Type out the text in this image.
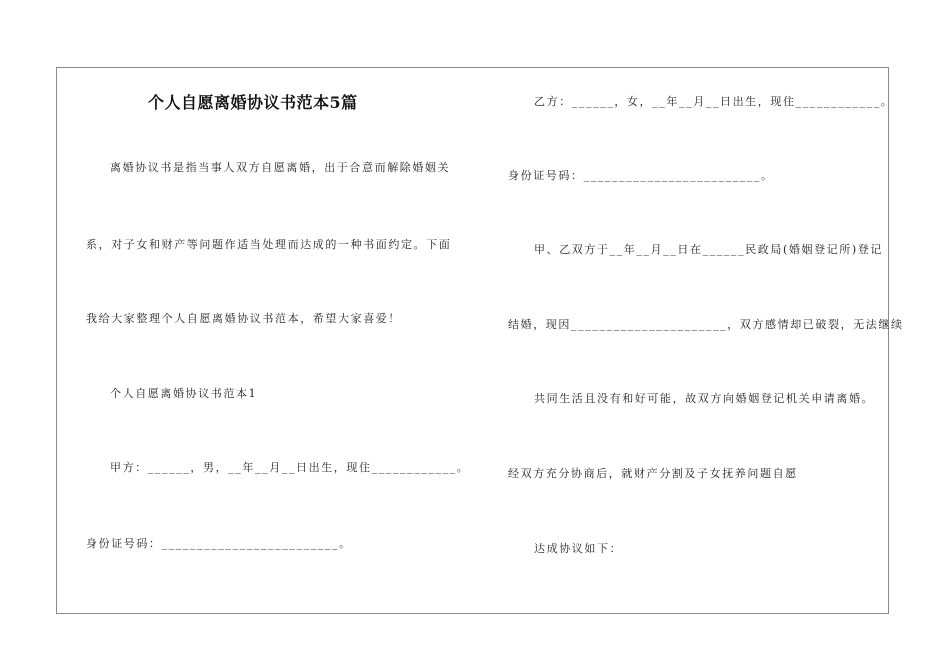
个人自愿离婚协议书范本5篇
离婚协议书是指当事人双方自愿离婚，出于合意而解除婚姻关
系，对子女和财产等问题作适当处理而达成的一种书面约定。下面
我给大家整理个人自愿离婚协议书范本，希望大家喜爱！
个人自愿离婚协议书范本1
甲方：______，男，__年__月__日出生，现住____________。
身份证号码：_________________________。
乙方：______，女，__年__月__日出生，现住____________。
身份证号码：_________________________。
甲、乙双方于__年__月__日在______民政局(婚姻登记所)登记
结婚，现因______________________，双方感情却已破裂，无法继续
共同生活且没有和好可能，故双方向婚姻登记机关申请离婚。
经双方充分协商后，就财产分割及子女抚养问题自愿
达成协议如下：
